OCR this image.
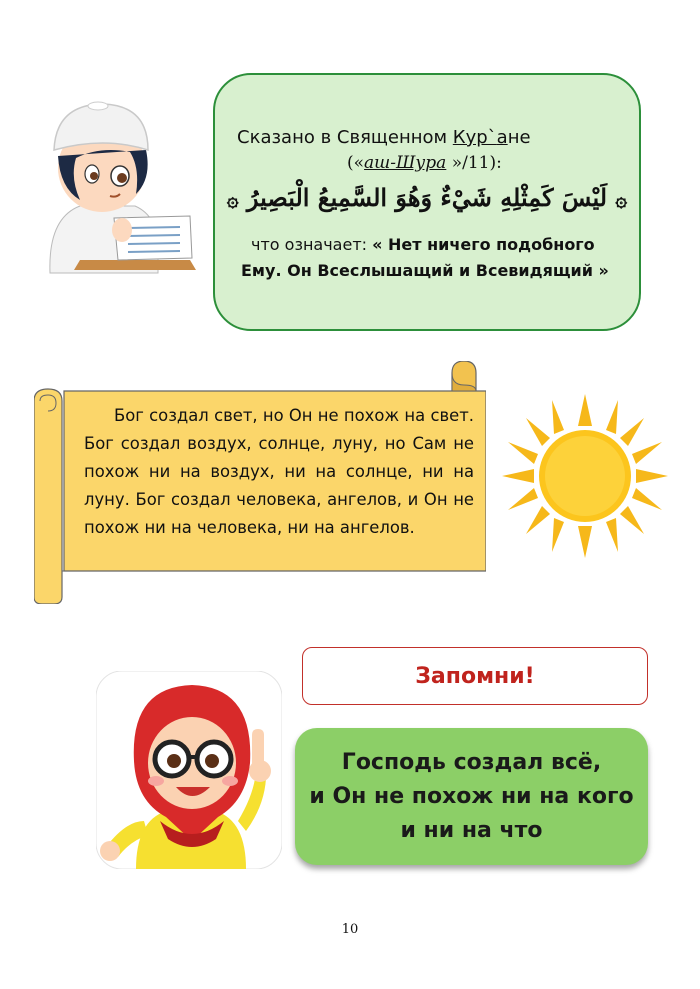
Сказано в Священном Кур`ане
(«аш-Шура »/11):
۞ لَيْسَ كَمِثْلِهِ شَيْءٌ وَهُوَ السَّمِيعُ الْبَصِيرُ ۞
что означает: « Нет ничего подобного
Ему. Он Всеслышащий и Всевидящий »

Бог создал свет, но Он не похож на свет. Бог создал воздух, солнце, луну, но Сам не похож ни на воздух, ни на солнце, ни на луну. Бог создал человека, ангелов, и Он не похож ни на человека, ни на ангелов.

Запомни!
Господь создал всё,
и Он не похож ни на кого
и ни на что
10
